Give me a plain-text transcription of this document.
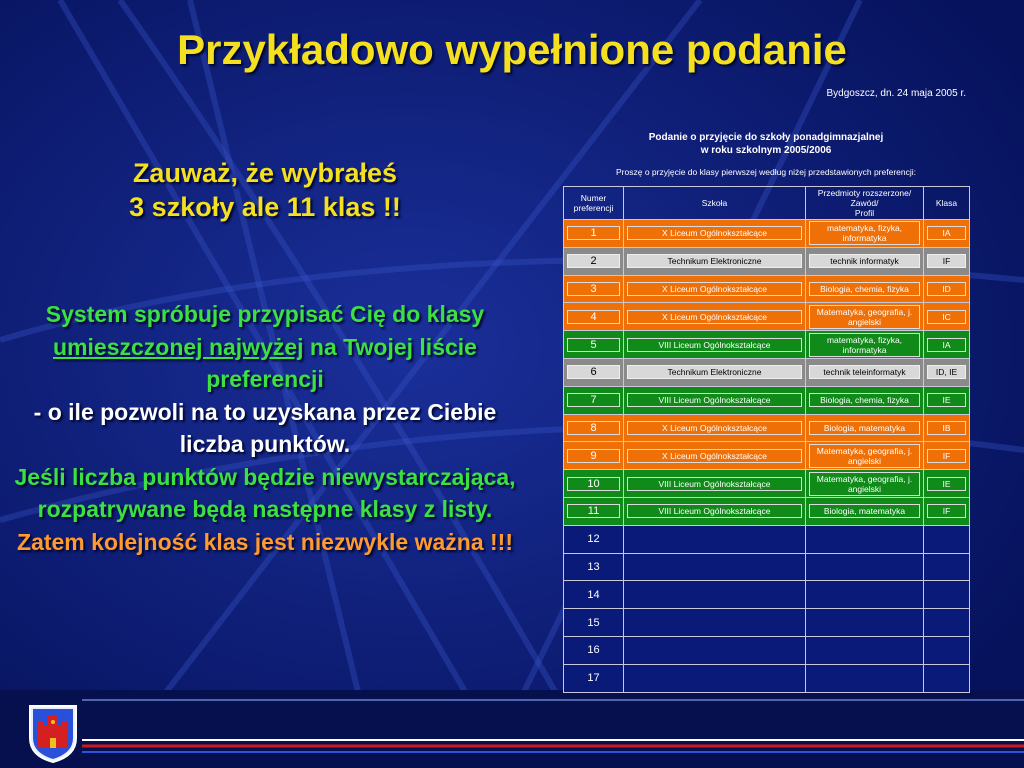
Przykładowo wypełnione podanie
Bydgoszcz, dn. 24 maja 2005 r.
Zauważ, że wybrałeś
3 szkoły ale 11 klas !!
System spróbuje przypisać Cię do klasy umieszczonej najwyżej na Twojej liście preferencji
- o ile pozwoli na to uzyskana przez Ciebie liczba punktów.
Jeśli liczba punktów będzie niewystarczająca, rozpatrywane będą następne klasy z listy.
Zatem kolejność klas jest niezwykle ważna !!!
Podanie o przyjęcie do szkoły ponadgimnazjalnej
w roku szkolnym 2005/2006
Proszę o przyjęcie do klasy pierwszej według niżej przedstawionych preferencji:
Numer
preferencji	Szkoła	Przedmioty rozszerzone/
Zawód/
Profil	Klasa

1	X Liceum Ogólnokształcące	matematyka, fizyka, informatyka	IA

2	Technikum Elektroniczne	technik informatyk	IF

3	X Liceum Ogólnokształcące	Biologia, chemia, fizyka	ID

4	X Liceum Ogólnokształcące	Matematyka, geografia, j. angielski	IC

5	VIII Liceum Ogólnokształcące	matematyka, fizyka, informatyka	IA

6	Technikum Elektroniczne	technik teleinformatyk	ID, IE

7	VIII Liceum Ogólnokształcące	Biologia, chemia, fizyka	IE

8	X Liceum Ogólnokształcące	Biologia, matematyka	IB

9	X Liceum Ogólnokształcące	Matematyka, geografia, j. angielski	IF

10	VIII Liceum Ogólnokształcące	Matematyka, geografia, j. angielski	IE

11	VIII Liceum Ogólnokształcące	Biologia, matematyka	IF

12			
13			
14			
15			
16			
17			
